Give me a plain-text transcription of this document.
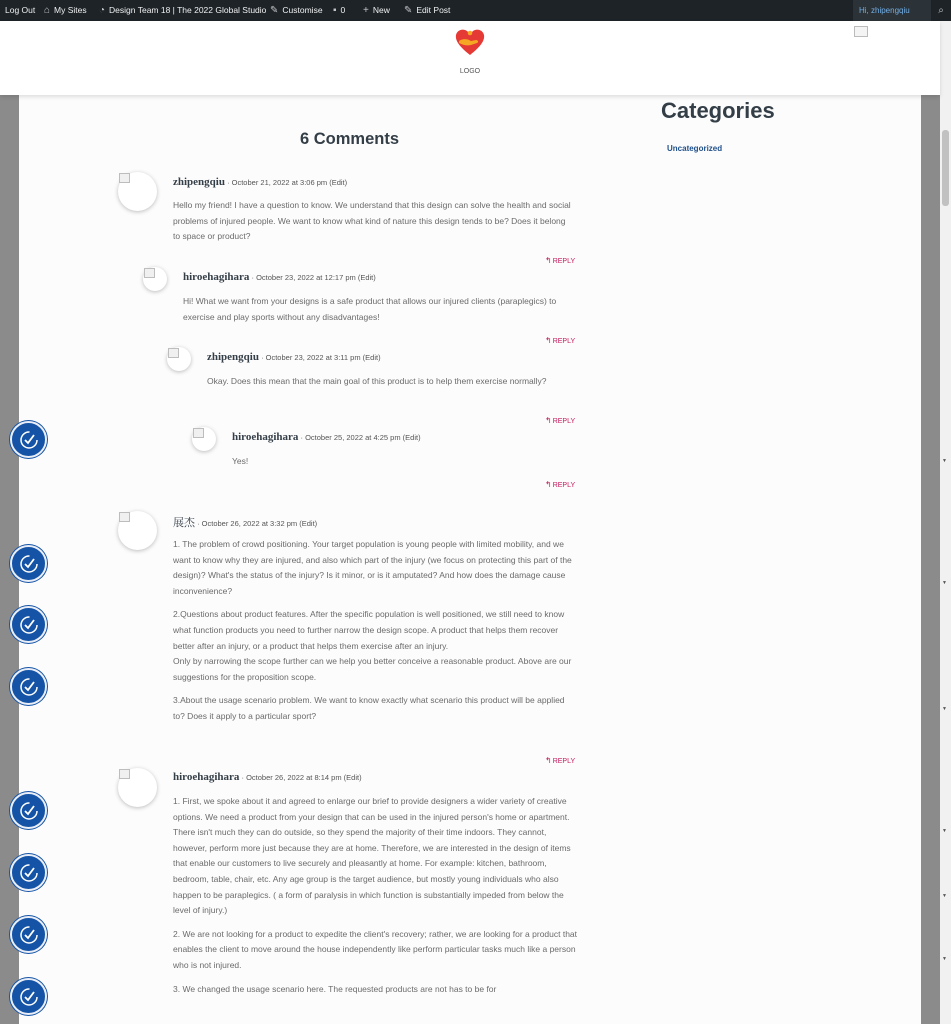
Log Out ⌂ My Sites ◔ Design Team 18 | The 2022 Global Studio ✎ Customise ▪ 0 + New ✎ Edit Post	Hi, zhipengqiu	⌕
LOGO
▼
▼
▼
▼
▼
▼
6 Comments
zhipengqiu · October 21, 2022 at 3:06 pm (Edit)

Hello my friend! I have a question to know. We understand that this design can solve the health and social problems of injured people. We want to know what kind of nature this design tends to be? Does it belong to space or product?

↰REPLY
hiroehagihara · October 23, 2022 at 12:17 pm (Edit)

Hi! What we want from your designs is a safe product that allows our injured clients (paraplegics) to exercise and play sports without any disadvantages!

↰REPLY
zhipengqiu · October 23, 2022 at 3:11 pm (Edit)

Okay. Does this mean that the main goal of this product is to help them exercise normally?

↰REPLY
hiroehagihara · October 25, 2022 at 4:25 pm (Edit)

Yes!

↰REPLY
展杰 · October 26, 2022 at 3:32 pm (Edit)

1. The problem of crowd positioning. Your target population is young people with limited mobility, and we want to know why they are injured, and also which part of the injury (we focus on protecting this part of the design)? What's the status of the injury? Is it minor, or is it amputated? And how does the damage cause inconvenience?

2.Questions about product features. After the specific population is well positioned, we still need to know what function products you need to further narrow the design scope. A product that helps them recover better after an injury, or a product that helps them exercise after an injury.
Only by narrowing the scope further can we help you better conceive a reasonable product. Above are our suggestions for the proposition scope.

3.About the usage scenario problem. We want to know exactly what scenario this product will be applied to? Does it apply to a particular sport?

↰REPLY
hiroehagihara · October 26, 2022 at 8:14 pm (Edit)

1. First, we spoke about it and agreed to enlarge our brief to provide designers a wider variety of creative options. We need a product from your design that can be used in the injured person's home or apartment. There isn't much they can do outside, so they spend the majority of their time indoors. They cannot, however, perform more just because they are at home. Therefore, we are interested in the design of items that enable our customers to live securely and pleasantly at home. For example: kitchen, bathroom, bedroom, table, chair, etc. Any age group is the target audience, but mostly young individuals who also happen to be paraplegics. ( a form of paralysis in which function is substantially impeded from below the level of injury.)

2. We are not looking for a product to expedite the client's recovery; rather, we are looking for a product that enables the client to move around the house independently like perform particular tasks much like a person who is not injured.

3. We changed the usage scenario here. The requested products are not has to be for

Categories
Uncategorized
